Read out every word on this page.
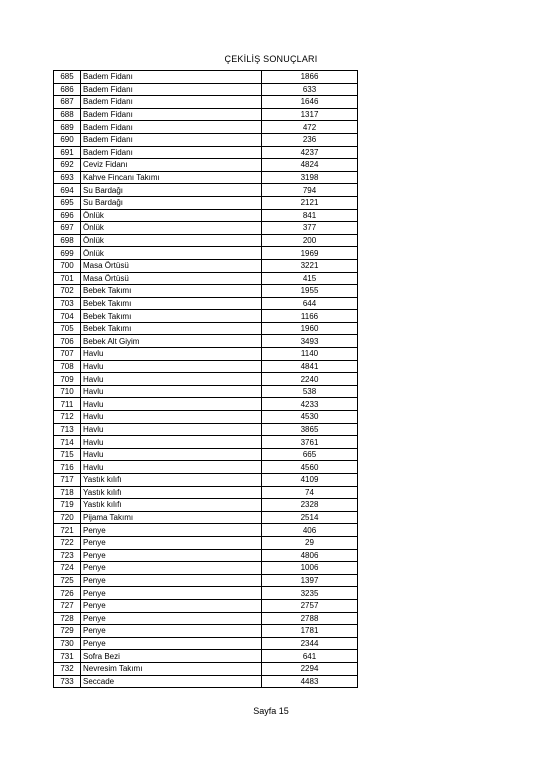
ÇEKİLİŞ SONUÇLARI
685	Badem Fidanı	1866
686	Badem Fidanı	633
687	Badem Fidanı	1646
688	Badem Fidanı	1317
689	Badem Fidanı	472
690	Badem Fidanı	236
691	Badem Fidanı	4237
692	Ceviz Fidanı	4824
693	Kahve Fincanı Takımı	3198
694	Su Bardağı	794
695	Su Bardağı	2121
696	Önlük	841
697	Önlük	377
698	Önlük	200
699	Önlük	1969
700	Masa Örtüsü	3221
701	Masa Örtüsü	415
702	Bebek Takımı	1955
703	Bebek Takımı	644
704	Bebek Takımı	1166
705	Bebek Takımı	1960
706	Bebek Alt Giyim	3493
707	Havlu	1140
708	Havlu	4841
709	Havlu	2240
710	Havlu	538
711	Havlu	4233
712	Havlu	4530
713	Havlu	3865
714	Havlu	3761
715	Havlu	665
716	Havlu	4560
717	Yastık kılıfı	4109
718	Yastık kılıfı	74
719	Yastık kılıfı	2328
720	Pijama Takımı	2514
721	Penye	406
722	Penye	29
723	Penye	4806
724	Penye	1006
725	Penye	1397
726	Penye	3235
727	Penye	2757
728	Penye	2788
729	Penye	1781
730	Penye	2344
731	Sofra Bezi	641
732	Nevresim Takımı	2294
733	Seccade	4483
Sayfa 15
